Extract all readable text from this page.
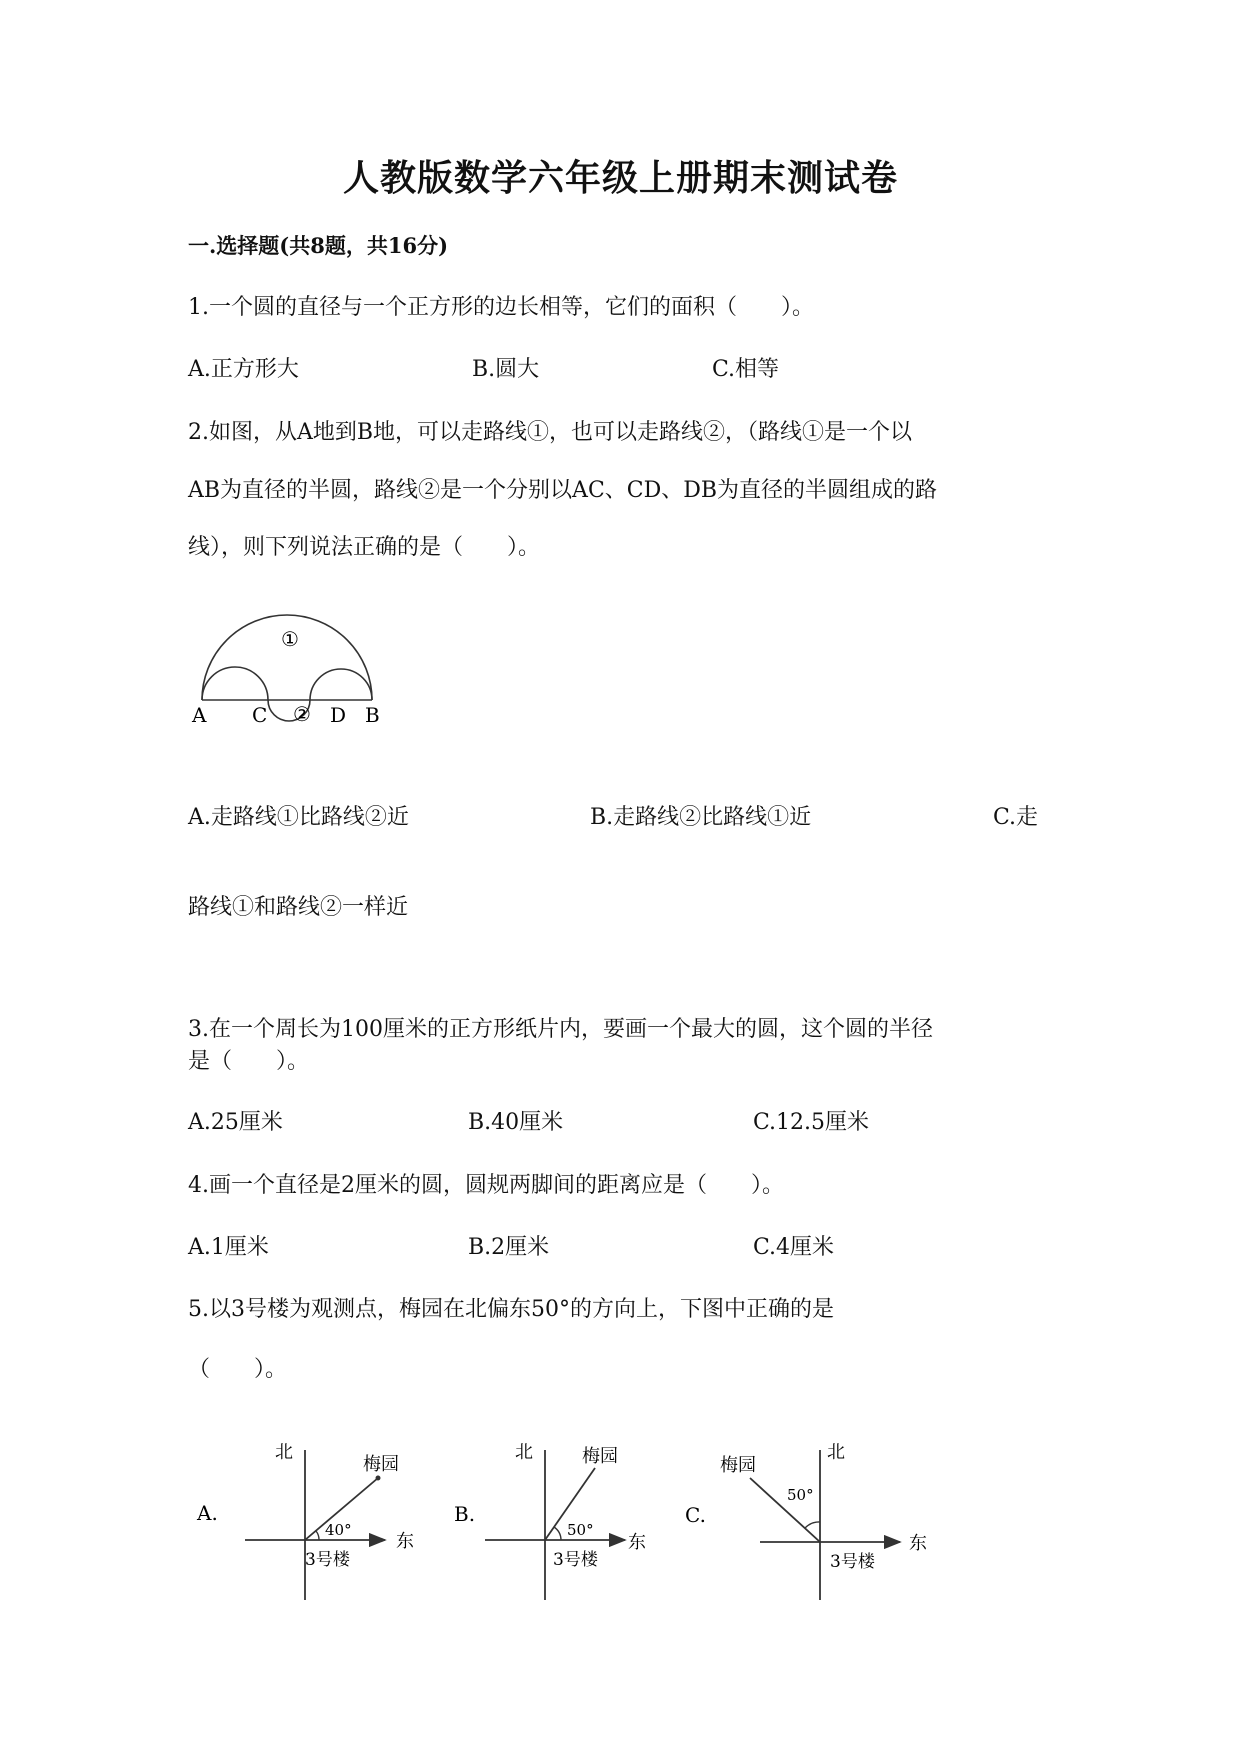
人教版数学六年级上册期末测试卷
一.选择题(共8题，共16分)
1.一个圆的直径与一个正方形的边长相等，它们的面积（　　）。
A.正方形大	B.圆大	C.相等
2.如图，从A地到B地，可以走路线①，也可以走路线②，（路线①是一个以
AB为直径的半圆，路线②是一个分别以AC、CD、DB为直径的半圆组成的路
线），则下列说法正确的是（　　）。
①
②
A C	D B
A.走路线①比路线②近	B.走路线②比路线①近	C.走
路线①和路线②一样近
3.在一个周长为100厘米的正方形纸片内，要画一个最大的圆，这个圆的半径
是（　　）。
A.25厘米	B.40厘米	C.12.5厘米
4.画一个直径是2厘米的圆，圆规两脚间的距离应是（　　）。
A.1厘米	B.2厘米	C.4厘米
5.以3号楼为观测点，梅园在北偏东50°的方向上，下图中正确的是
（　　）。
A.
北
东
梅园
3号楼
40°
B.
北
东
梅园
3号楼
50°
C.
北
东
梅园
3号楼
50°
